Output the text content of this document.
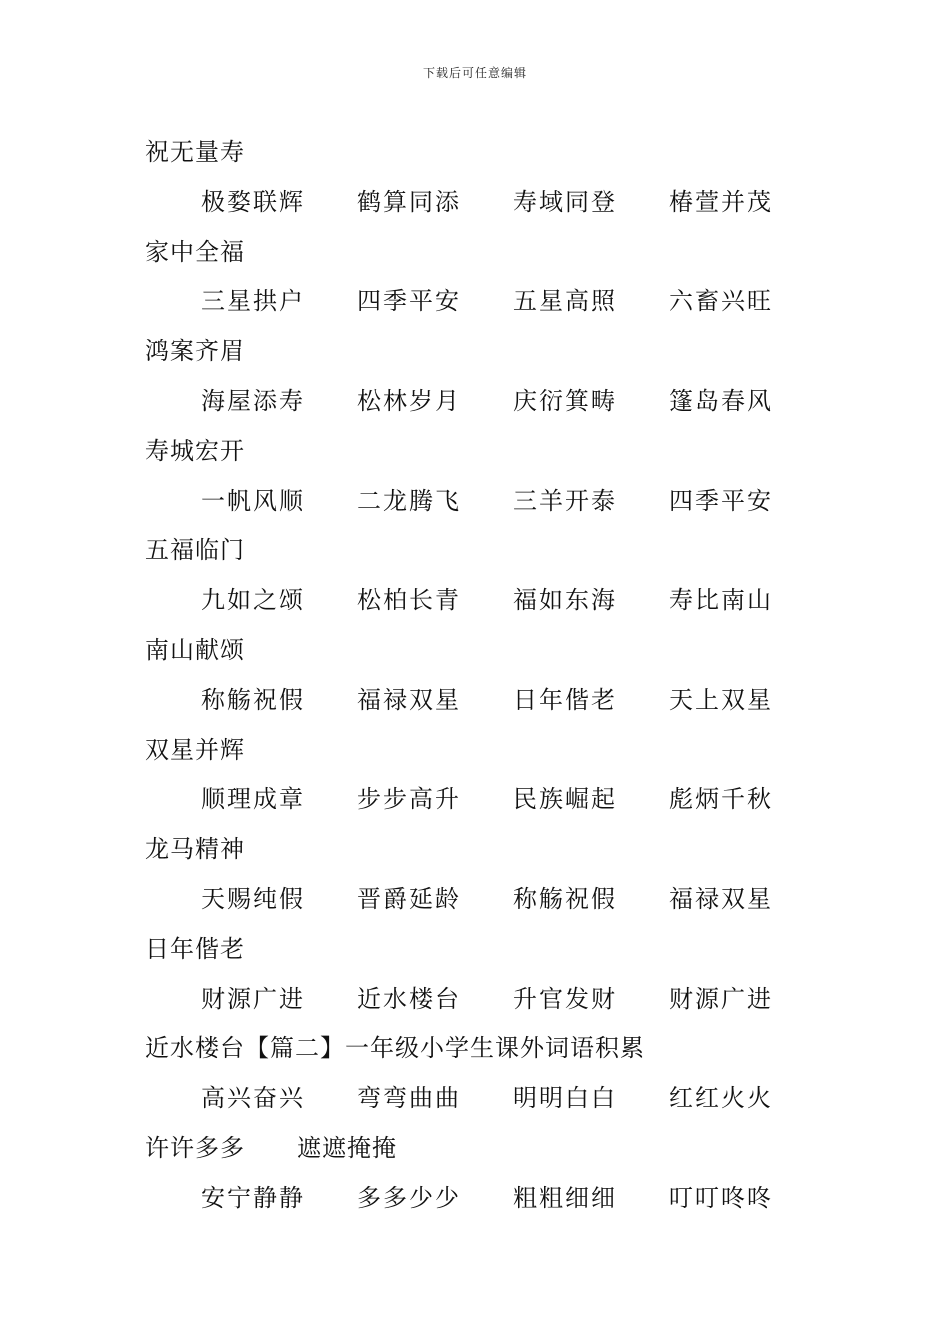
下载后可任意编辑
祝无量寿
极婺联辉	鹤算同添	寿域同登	椿萱并茂
家中全福
三星拱户	四季平安	五星高照	六畜兴旺
鸿案齐眉
海屋添寿	松林岁月	庆衍箕畴	篷岛春风
寿城宏开
一帆风顺	二龙腾飞	三羊开泰	四季平安
五福临门
九如之颂	松柏长青	福如东海	寿比南山
南山献颂
称觞祝假	福禄双星	日年偕老	天上双星
双星并辉
顺理成章	步步高升	民族崛起	彪炳千秋
龙马精神
天赐纯假	晋爵延龄	称觞祝假	福禄双星
日年偕老
财源广进	近水楼台	升官发财	财源广进
近水楼台【篇二】一年级小学生课外词语积累
高兴奋兴	弯弯曲曲	明明白白	红红火火
许许多多 遮遮掩掩
安宁静静	多多少少	粗粗细细	叮叮咚咚
